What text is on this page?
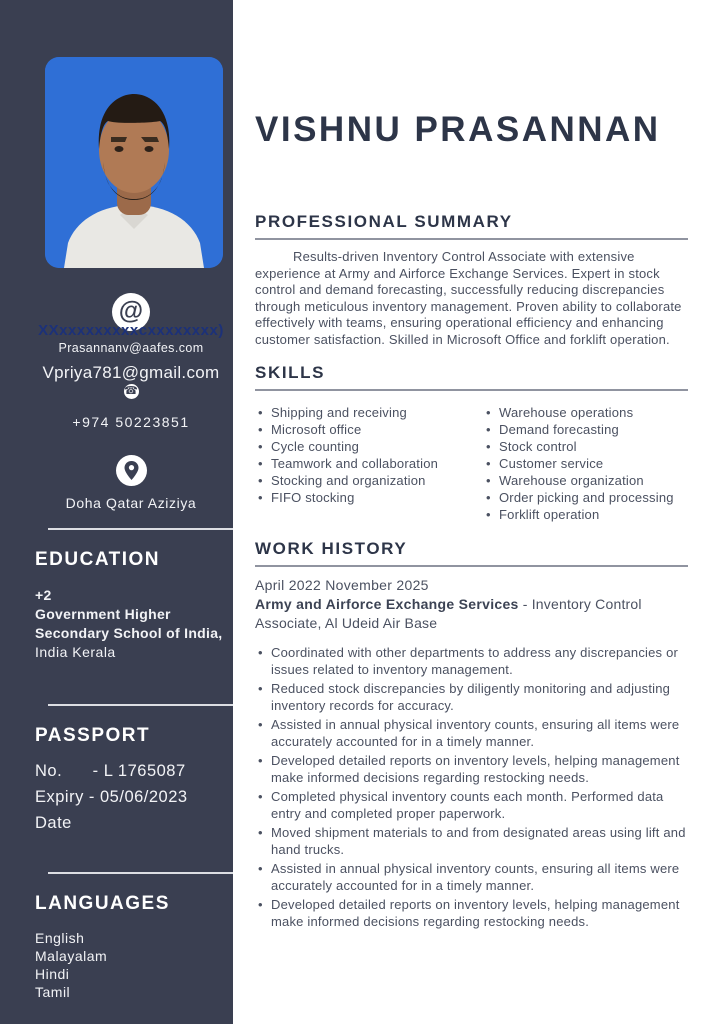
@
XXxxxxxxxxxcxxxxxxxx)
Prasannanv@aafes.com
Vpriya781@gmail.com
☎
+974 50223851
Doha Qatar Aziziya
EDUCATION
+2
Government Higher
Secondary School of India,
India Kerala
PASSPORT
No.      - L 1765087
Expiry - 05/06/2023
Date
LANGUAGES
English
Malayalam
Hindi
Tamil
VISHNU PRASANNAN
PROFESSIONAL SUMMARY

Results-driven Inventory Control Associate with extensive experience at Army and Airforce Exchange Services. Expert in stock control and demand forecasting, successfully reducing discrepancies through meticulous inventory management. Proven ability to collaborate effectively with teams, ensuring operational efficiency and enhancing customer satisfaction. Skilled in Microsoft Office and forklift operation.

SKILLS
• Shipping and receiving
• Microsoft office
• Cycle counting
• Teamwork and collaboration
• Stocking and organization
• FIFO stocking
• Warehouse operations
• Demand forecasting
• Stock control
• Customer service
• Warehouse organization
• Order picking and processing
• Forklift operation
WORK HISTORY
April 2022 November 2025
Army and Airforce Exchange Services - Inventory Control Associate, Al Udeid Air Base
• Coordinated with other departments to address any discrepancies or issues related to inventory management.
• Reduced stock discrepancies by diligently monitoring and adjusting inventory records for accuracy.
• Assisted in annual physical inventory counts, ensuring all items were accurately accounted for in a timely manner.
• Developed detailed reports on inventory levels, helping management make informed decisions regarding restocking needs.
• Completed physical inventory counts each month. Performed data entry and completed proper paperwork.
• Moved shipment materials to and from designated areas using lift and hand trucks.
• Assisted in annual physical inventory counts, ensuring all items were accurately accounted for in a timely manner.
• Developed detailed reports on inventory levels, helping management make informed decisions regarding restocking needs.
